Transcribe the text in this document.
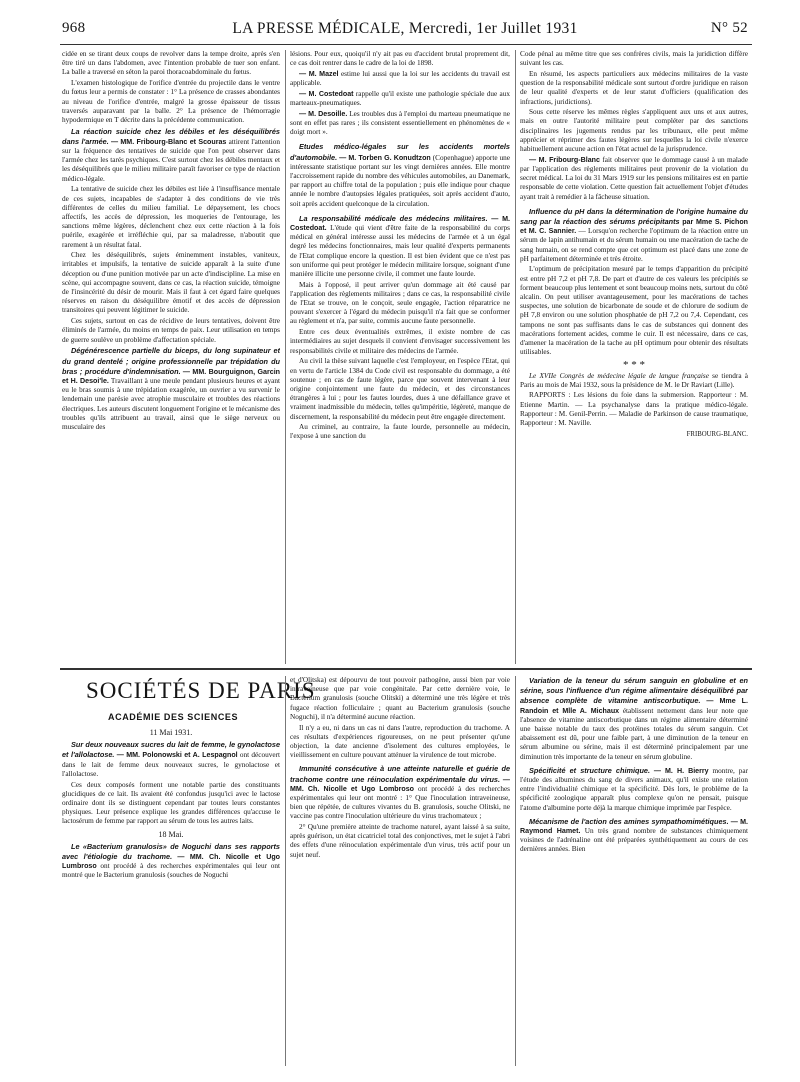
968	LA PRESSE MÉDICALE, Mercredi, 1er Juillet 1931	N° 52

cidée en se tirant deux coups de revolver dans la tempe droite, après s'en être tiré un dans l'abdomen, avec l'intention probable de tuer son enfant. La balle a traversé en séton la paroi thoracoabdominale du fœtus.

L'examen histologique de l'orifice d'entrée du projectile dans le ventre du fœtus leur a permis de constater : 1° La présence de crasses abondantes au niveau de l'orifice d'entrée, malgré la grosse épaisseur de tissus traversés auparavant par la balle. 2° La présence de l'hémorragie hypodermique en T décrite dans la précédente communication.

La réaction suicide chez les débiles et les déséquilibrés dans l'armée. — MM. Fribourg-Blanc et Scouras attirent l'attention sur la fréquence des tentatives de suicide que l'on peut observer dans l'armée chez les tarés psychiques. C'est surtout chez les débiles mentaux et les déséquilibrés que le milieu militaire paraît favoriser ce type de réaction médico-légale.

La tentative de suicide chez les débiles est liée à l'insuffisance mentale de ces sujets, incapables de s'adapter à des conditions de vie très différentes de celles du milieu familial. Le dépaysement, les chocs affectifs, les accès de dépression, les moqueries de l'entourage, les sanctions même légères, déclenchent chez eux cette réaction à la fois puérile, exagérée et irréfléchie qui, par sa maladresse, n'aboutit que rarement à un résultat fatal.

Chez les déséquilibrés, sujets éminemment instables, vaniteux, irritables et impulsifs, la tentative de suicide apparaît à la suite d'une déception ou d'une punition motivée par un acte d'indiscipline. La mise en scène, qui accompagne souvent, dans ce cas, la réaction suicide, témoigne de l'insincérité du désir de mourir. Mais il faut à cet égard faire quelques réserves en raison du déséquilibre émotif et des accès de dépression transitoires qui peuvent légitimer le suicide.

Ces sujets, surtout en cas de récidive de leurs tentatives, doivent être éliminés de l'armée, du moins en temps de paix. Leur utilisation en temps de guerre soulève un problème d'affectation spéciale.

Dégénérescence partielle du biceps, du long supinateur et du grand dentelé ; origine professionnelle par trépidation du bras ; procédure d'indemnisation. — MM. Bourguignon, Garcin et H. Desoi'le. Travaillant à une meule pendant plusieurs heures et ayant eu le bras soumis à une trépidation exagérée, un ouvrier a vu survenir le lendemain une parésie avec atrophie musculaire et troubles des réactions électriques. Les auteurs discutent longuement l'origine et le mécanisme des troubles qu'ils attribuent au travail, ainsi que le siège nerveux ou musculaire des

lésions. Pour eux, quoiqu'il n'y ait pas eu d'accident brutal proprement dit, ce cas doit rentrer dans le cadre de la loi de 1898.

— M. Mazel estime lui aussi que la loi sur les accidents du travail est applicable.

— M. Costedoat rappelle qu'il existe une pathologie spéciale due aux marteaux-pneumatiques.

— M. Desoille. Les troubles dus à l'emploi du marteau pneumatique ne sont en effet pas rares ; ils consistent essentiellement en phénomènes de « doigt mort ».

Etudes médico-légales sur les accidents mortels d'automobile. — M. Torben G. Konudtzon (Copenhague) apporte une intéressante statistique portant sur les vingt dernières années. Elle montre l'accroissement rapide du nombre des véhicules automobiles, au Danemark, par rapport au chiffre total de la population ; puis elle indique pour chaque année le nombre d'autopsies légales pratiquées, soit après accident d'auto, soit après accident quelconque de la circulation.

La responsabilité médicale des médecins militaires. — M. Costedoat. L'étude qui vient d'être faite de la responsabilité du corps médical en général intéresse aussi les médecins de l'armée et à un égal degré les médecins fonctionnaires, mais leur qualité d'experts permanents de l'Etat complique encore la question. Il est bien évident que ce n'est pas son uniforme qui peut protéger le médecin militaire lorsque, soignant d'une manière illicite une personne civile, il commet une faute lourde.

Mais à l'opposé, il peut arriver qu'un dommage ait été causé par l'application des règlements militaires ; dans ce cas, la responsabilité civile de l'Etat se trouve, on le conçoit, seule engagée, l'action réparatrice ne pouvant s'exercer à l'égard du médecin puisqu'il n'a fait que se conformer au règlement et n'a, par suite, commis aucune faute personnelle.

Entre ces deux éventualités extrêmes, il existe nombre de cas intermédiaires au sujet desquels il convient d'envisager successivement les responsabilités civile et militaire des médecins de l'armée.

Au civil la thèse suivant laquelle c'est l'employeur, en l'espèce l'Etat, qui en vertu de l'article 1384 du Code civil est responsable du dommage, a été soutenue ; en cas de faute légère, parce que souvent intervenant à leur origine conjointement une faute du médecin, et des circonstances étrangères à lui ; pour les fautes lourdes, dues à une défaillance grave et vraiment inadmissible du médecin, telles qu'impéritie, légèreté, manque de discernement, la responsabilité du médecin peut être engagée directement.

Au criminel, au contraire, la faute lourde, personnelle au médecin, l'expose à une sanction du

Code pénal au même titre que ses confrères civils, mais la juridiction diffère suivant les cas.

En résumé, les aspects particuliers aux médecins militaires de la vaste question de la responsabilité médicale sont surtout d'ordre juridique en raison de leur qualité d'experts et de leur statut d'officiers (qualification des infractions, juridictions).

Sous cette réserve les mêmes règles s'appliquent aux uns et aux autres, mais en outre l'autorité militaire peut compléter par des sanctions disciplinaires les jugements rendus par les tribunaux, elle peut même apprécier et réprimer des fautes légères sur lesquelles la loi civile n'exerce habituellement aucune action en l'état actuel de la jurisprudence.

— M. Fribourg-Blanc fait observer que le dommage causé à un malade par l'application des règlements militaires peut provenir de la violation du secret médical. La loi du 31 Mars 1919 sur les pensions militaires est en partie responsable de cette violation. Cette question fait actuellement l'objet d'études ayant trait à remédier à la fâcheuse situation.

Influence du pH dans la détermination de l'origine humaine du sang par la réaction des sérums précipitants par Mme S. Pichon et M. C. Sannier. — Lorsqu'on recherche l'optimum de la réaction entre un sérum de lapin antihumain et du sérum humain ou une macération de tache de sang humain, on se rend compte que cet optimum est placé dans une zone de pH parfaitement déterminée et très étroite.

L'optimum de précipitation mesuré par le temps d'apparition du précipité est entre pH 7,2 et pH 7,8. De part et d'autre de ces valeurs les précipités se forment beaucoup plus lentement et sont beaucoup moins nets, surtout du côté alcalin. On peut utiliser avantageusement, pour les macérations de taches suspectes, une solution de bicarbonate de soude et de chlorure de sodium de pH 7,8 environ ou une solution phosphatée de pH 7,2 ou 7,4. Cependant, ces tampons ne sont pas suffisants dans le cas de substances qui donnent des macérations fortement acides, comme le cuir. Il est nécessaire, dans ce cas, d'amener la macération de la tache au pH optimum pour obtenir des résultats utilisables.

* * *

Le XVIIe Congrès de médecine légale de langue française se tiendra à Paris au mois de Mai 1932, sous la présidence de M. le Dr Raviart (Lille).

RAPPORTS : Les lésions du foie dans la submersion. Rapporteur : M. Etienne Martin. — La psychanalyse dans la pratique médico-légale. Rapporteur : M. Genil-Perrin. — Maladie de Parkinson de cause traumatique, Rapporteur : M. Naville.

FRIBOURG-BLANC.

SOCIÉTÉS DE PARIS
ACADÉMIE DES SCIENCES

11 Mai 1931.

Sur deux nouveaux sucres du lait de femme, le gynolactose et l'allolactose. — MM. Polonowski et A. Lespagnol ont découvert dans le lait de femme deux nouveaux sucres, le gynolactose et l'allolactose.

Ces deux composés forment une notable partie des constituants glucidiques de ce lait. Ils avaient été confondus jusqu'ici avec le lactose ordinaire dont ils se distinguent cependant par toutes leurs constantes physiques. Leur présence explique les grandes différences qu'accuse le lactosérum de femme par rapport au sérum de tous les autres laits.

18 Mai.

Le «Bacterium granulosis» de Noguchi dans ses rapports avec l'étiologie du trachome. — MM. Ch. Nicolle et Ugo Lumbroso ont procédé à des recherches expérimentales qui leur ont montré que le Bacterium granulosis (souches de Noguchi

et d'Olitska) est dépourvu de tout pouvoir pathogène, aussi bien par voie intraveineuse que par voie congénitale. Par cette dernière voie, le Bacterium granulosis (souche Olitski) a déterminé une très légère et très fugace réaction folliculaire ; quant au Bacterium granulosis (souche Noguchi), il n'a déterminé aucune réaction.

Il n'y a eu, ni dans un cas ni dans l'autre, reproduction du trachome. A ces résultats d'expériences rigoureuses, on ne peut présenter qu'une objection, la date ancienne d'isolement des cultures employées, le vieillissement en culture pouvant atténuer la virulence de tout microbe.

Immunité consécutive à une atteinte naturelle et guérie de trachome contre une réinoculation expérimentale du virus. — MM. Ch. Nicolle et Ugo Lombroso ont procédé à des recherches expérimentales qui leur ont montré : 1° Que l'inoculation intraveineuse, bien que répétée, de cultures vivantes du B. granulosis, souche Olitski, ne vaccine pas contre l'inoculation ultérieure du virus trachomateux ;

2° Qu'une première atteinte de trachome naturel, ayant laissé à sa suite, après guérison, un état cicatriciel total des conjonctives, met le sujet à l'abri des effets d'une réinoculation expérimentale d'un virus, très actif pour un sujet neuf.

Variation de la teneur du sérum sanguin en globuline et en sérine, sous l'influence d'un régime alimentaire déséquilibré par absence complète de vitamine antiscorbutique. — Mme L. Randoin et Mlle A. Michaux établissent nettement dans leur note que l'absence de vitamine antiscorbutique dans un régime alimentaire déterminé une baisse notable du taux des protéines totales du sérum sanguin. Cet abaissement est dû, pour une faible part, à une diminution de la teneur en sérum albumine ou sérine, mais il est déterminé principalement par une diminution très importante de la teneur en sérum globuline.

Spécificité et structure chimique. — M. H. Bierry montre, par l'étude des albumines du sang de divers animaux, qu'il existe une relation entre l'individualité chimique et la spécificité. Dès lors, le problème de la spécificité zoologique apparaît plus complexe qu'on ne pensait, puisque l'atome d'albumine porte déjà la marque chimique imprimée par l'espèce.

Mécanisme de l'action des amines sympathomimétiques. — M. Raymond Hamet. Un très grand nombre de substances chimiquement voisines de l'adrénaline ont été préparées synthétiquement au cours de ces dernières années. Bien
